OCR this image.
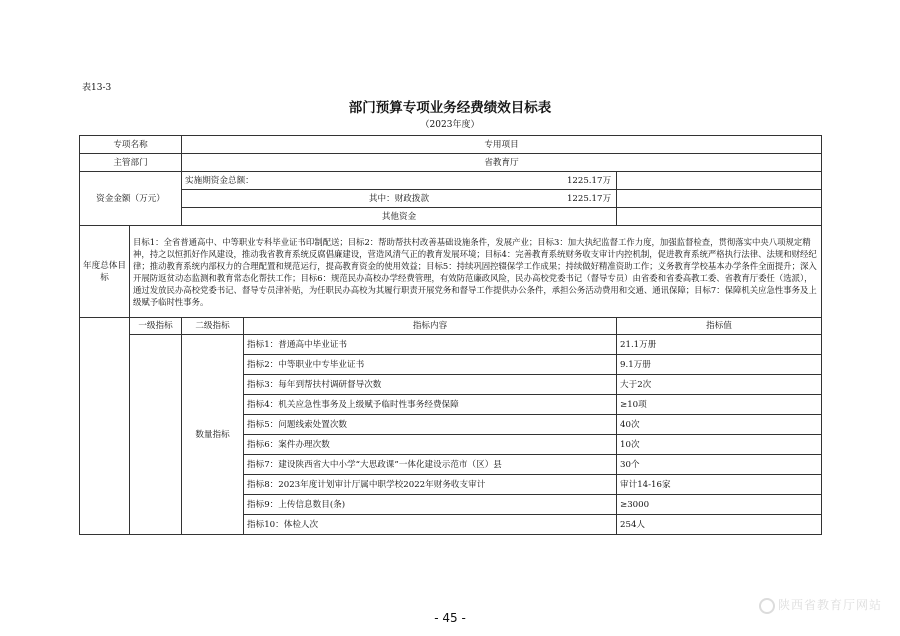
表13-3
部门预算专项业务经费绩效目标表
（2023年度）
专项名称		专用项目		
主管部门		省教育厅		
资金金额（万元）		实施期资金总额：		1225.17万
		其中：财政拨款		1225.17万
		其他资金		
年度总体目标	目标1：全省普通高中、中等职业专科毕业证书印制配送；目标2：帮助帮扶村改善基础设施条件，发展产业；目标3：加大执纪监督工作力度，加强监督检查，贯彻落实中央八项规定精神，持之以恒抓好作风建设，推动我省教育系统反腐倡廉建设，营造风清气正的教育发展环境；目标4：完善教育系统财务收支审计内控机制，促进教育系统严格执行法律、法规和财经纪律；推动教育系统内部权力的合理配置和规范运行，提高教育资金的使用效益；目标5：持续巩固控辍保学工作成果；持续做好精准资助工作；义务教育学校基本办学条件全面提升；深入开展防返贫动态监测和教育常态化帮扶工作；目标6：规范民办高校办学经费管理，有效防范廉政风险，民办高校党委书记（督导专员）由省委和省委高教工委、省教育厅委任（选派），通过发放民办高校党委书记、督导专员津补贴，为任职民办高校为其履行职责开展党务和督导工作提供办公条件，承担公务活动费用和交通、通讯保障；目标7：保障机关应急性事务及上级赋予临时性事务。			
	一级指标	二级指标	指标内容	指标值
		数量指标	指标1：普通高中毕业证书	21.1万册
			指标2：中等职业中专毕业证书	9.1万册
			指标3：每年到帮扶村调研督导次数	大于2次
			指标4：机关应急性事务及上级赋予临时性事务经费保障	≥10项
			指标5：问题线索处置次数	40次
			指标6：案件办理次数	10次
			指标7：建设陕西省大中小学“大思政课”一体化建设示范市（区）县	30个
			指标8：2023年度计划审计厅属中职学校2022年财务收支审计	审计14-16家
			指标9：上传信息数目(条)	≥3000
			指标10：体检人次	254人
- 45 -
陕西省教育厅网站
